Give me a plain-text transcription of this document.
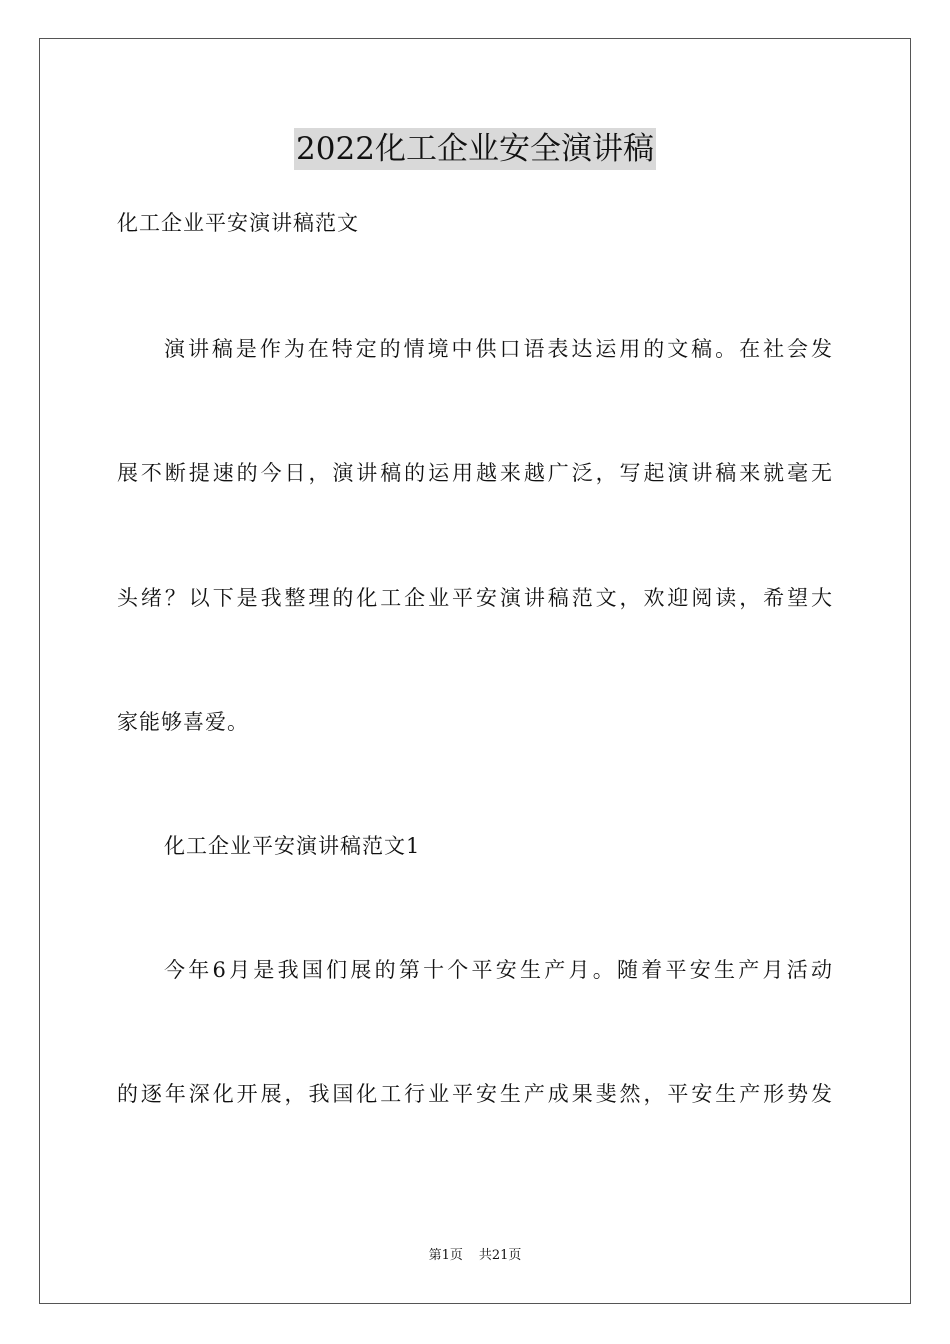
2022化工企业安全演讲稿

化工企业平安演讲稿范文

演讲稿是作为在特定的情境中供口语表达运用的文稿。在社会发

展不断提速的今日，演讲稿的运用越来越广泛，写起演讲稿来就毫无

头绪？以下是我整理的化工企业平安演讲稿范文，欢迎阅读，希望大

家能够喜爱。

化工企业平安演讲稿范文1

今年6月是我国们展的第十个平安生产月。随着平安生产月活动

的逐年深化开展，我国化工行业平安生产成果斐然，平安生产形势发

第1页 共21页
